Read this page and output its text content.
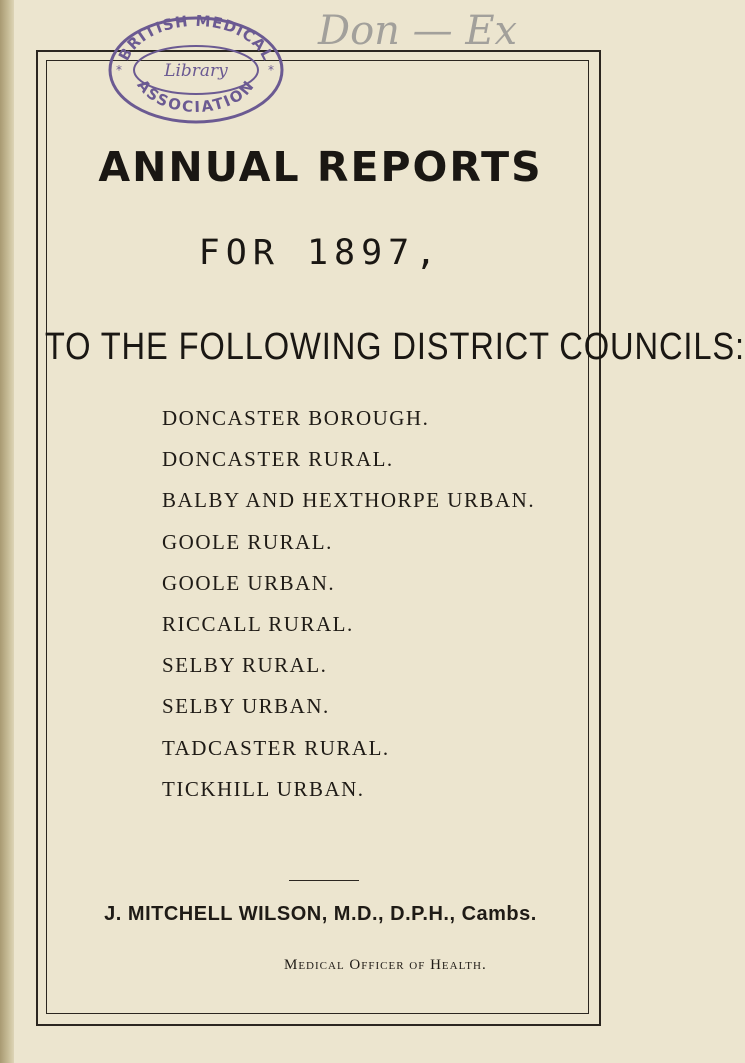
BRITISH MEDICAL
ASSOCIATION
Library
*	*
Don — Ex
ANNUAL REPORTS
FOR 1897,
TO THE FOLLOWING DISTRICT COUNCILS:
DONCASTER BOROUGH.
DONCASTER RURAL.
BALBY AND HEXTHORPE URBAN.
GOOLE RURAL.
GOOLE URBAN.
RICCALL RURAL.
SELBY RURAL.
SELBY URBAN.
TADCASTER RURAL.
TICKHILL URBAN.
J. MITCHELL WILSON, M.D., D.P.H., Cambs.
Medical Officer of Health.
